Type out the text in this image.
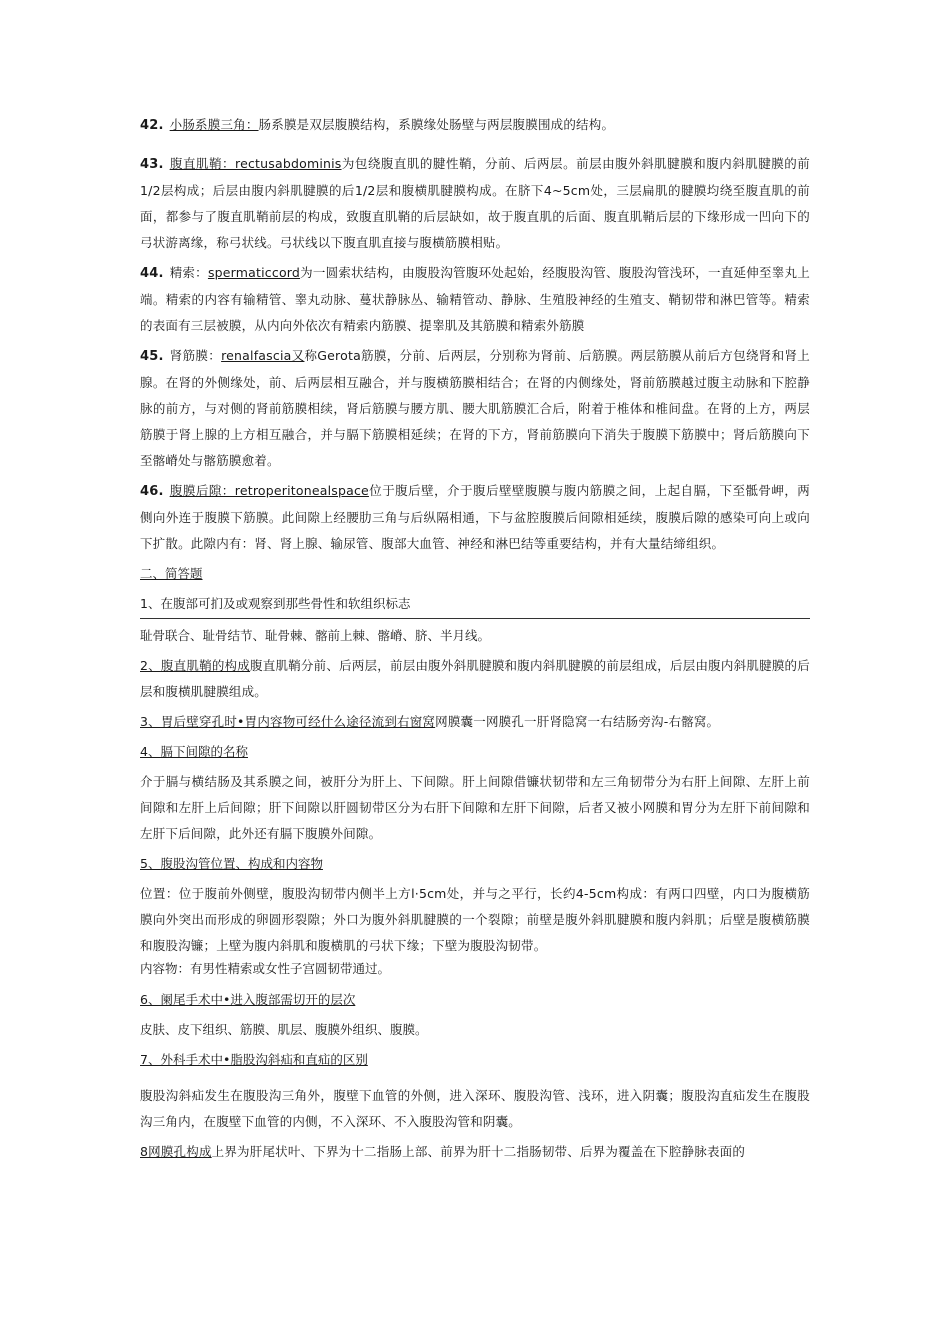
42. 小肠系膜三角：肠系膜是双层腹膜结构，系膜缘处肠壁与两层腹膜围成的结构。

43. 腹直肌鞘：rectusabdominis为包绕腹直肌的腱性鞘，分前、后两层。前层由腹外斜肌腱膜和腹内斜肌腱膜的前1/2层构成；后层由腹内斜肌腱膜的后1/2层和腹横肌腱膜构成。在脐下4~5cm处，三层扁肌的腱膜均绕至腹直肌的前面，都参与了腹直肌鞘前层的构成，致腹直肌鞘的后层缺如，故于腹直肌的后面、腹直肌鞘后层的下缘形成一凹向下的弓状游离缘，称弓状线。弓状线以下腹直肌直接与腹横筋膜相贴。

44. 精索：spermaticcord为一圆索状结构，由腹股沟管腹环处起始，经腹股沟管、腹股沟管浅环，一直延伸至睾丸上端。精索的内容有输精管、睾丸动脉、蔓状静脉丛、输精管动、静脉、生殖股神经的生殖支、鞘韧带和淋巴管等。精索的表面有三层被膜，从内向外依次有精索内筋膜、提睾肌及其筋膜和精索外筋膜

45. 肾筋膜：renalfascia又称Gerota筋膜，分前、后两层，分别称为肾前、后筋膜。两层筋膜从前后方包绕肾和肾上腺。在肾的外侧缘处，前、后两层相互融合，并与腹横筋膜相结合；在肾的内侧缘处，肾前筋膜越过腹主动脉和下腔静脉的前方，与对侧的肾前筋膜相续，肾后筋膜与腰方肌、腰大肌筋膜汇合后，附着于椎体和椎间盘。在肾的上方，两层筋膜于肾上腺的上方相互融合，并与膈下筋膜相延续；在肾的下方，肾前筋膜向下消失于腹膜下筋膜中；肾后筋膜向下至髂嵴处与髂筋膜愈着。

46. 腹膜后隙：retroperitonealspace位于腹后壁，介于腹后壁壁腹膜与腹内筋膜之间，上起自膈，下至骶骨岬，两侧向外连于腹膜下筋膜。此间隙上经腰肋三角与后纵隔相通，下与盆腔腹膜后间隙相延续，腹膜后隙的感染可向上或向下扩散。此隙内有：肾、肾上腺、输尿管、腹部大血管、神经和淋巴结等重要结构，并有大量结缔组织。

二、简答题

1、在腹部可扪及或观察到那些骨性和软组织标志

耻骨联合、耻骨结节、耻骨棘、髂前上棘、髂嵴、脐、半月线。

2、腹直肌鞘的构成腹直肌鞘分前、后两层，前层由腹外斜肌腱膜和腹内斜肌腱膜的前层组成，后层由腹内斜肌腱膜的后层和腹横肌腱膜组成。

3、胃后壁穿孔时•胃内容物可经什么途径流到右窗窝网膜囊一网膜孔一肝肾隐窝一右结肠旁沟-右髂窝。

4、膈下间隙的名称

介于膈与横结肠及其系膜之间，被肝分为肝上、下间隙。肝上间隙借镰状韧带和左三角韧带分为右肝上间隙、左肝上前间隙和左肝上后间隙；肝下间隙以肝圆韧带区分为右肝下间隙和左肝下间隙，后者又被小网膜和胃分为左肝下前间隙和左肝下后间隙，此外还有膈下腹膜外间隙。

5、腹股沟管位置、构成和内容物

位置：位于腹前外侧壁，腹股沟韧带内侧半上方l·5cm处，并与之平行，长约4-5cm构成：有两口四壁，内口为腹横筋膜向外突出而形成的卵圆形裂隙；外口为腹外斜肌腱膜的一个裂隙；前壁是腹外斜肌腱膜和腹内斜肌；后壁是腹横筋膜和腹股沟镰；上壁为腹内斜肌和腹横肌的弓状下缘；下壁为腹股沟韧带。

内容物：有男性精索或女性子宫圆韧带通过。

6、阑尾手术中•进入腹部需切开的层次

皮肤、皮下组织、筋膜、肌层、腹膜外组织、腹膜。

7、外科手术中•脂股沟斜疝和直疝的区别

腹股沟斜疝发生在腹股沟三角外，腹壁下血管的外侧，进入深环、腹股沟管、浅环，进入阴囊；腹股沟直疝发生在腹股沟三角内，在腹壁下血管的内侧，不入深环、不入腹股沟管和阴囊。

8网膜孔构成上界为肝尾状叶、下界为十二指肠上部、前界为肝十二指肠韧带、后界为覆盖在下腔静脉表面的
